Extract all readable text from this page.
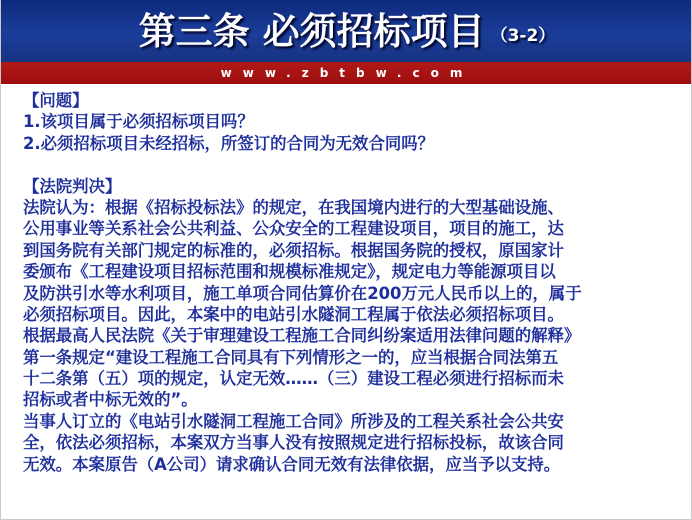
第三条 必须招标项目 （3-2）
www.zbtbw.com
【问题】
1.该项目属于必须招标项目吗？
2.必须招标项目未经招标，所签订的合同为无效合同吗？
【法院判决】
法院认为：根据《招标投标法》的规定，在我国境内进行的大型基础设施、
公用事业等关系社会公共利益、公众安全的工程建设项目，项目的施工，达
到国务院有关部门规定的标准的，必须招标。根据国务院的授权，原国家计
委颁布《工程建设项目招标范围和规模标准规定》，规定电力等能源项目以
及防洪引水等水利项目，施工单项合同估算价在200万元人民币以上的，属于
必须招标项目。因此，本案中的电站引水隧洞工程属于依法必须招标项目。
根据最高人民法院《关于审理建设工程施工合同纠纷案适用法律问题的解释》
第一条规定“建设工程施工合同具有下列情形之一的，应当根据合同法第五
十二条第（五）项的规定，认定无效……（三）建设工程必须进行招标而未
招标或者中标无效的”。
当事人订立的《电站引水隧洞工程施工合同》所涉及的工程关系社会公共安
全，依法必须招标，本案双方当事人没有按照规定进行招标投标，故该合同
无效。本案原告（A公司）请求确认合同无效有法律依据，应当予以支持。
